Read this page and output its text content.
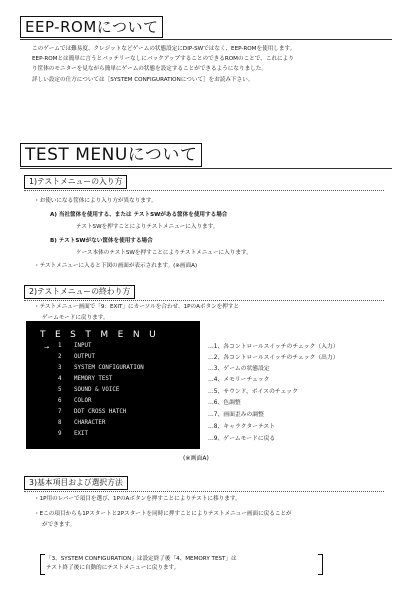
EEP-ROMについて
このゲームでは難易度、クレジットなどゲームの状態設定にDIP-SWではなく、EEP-ROMを使用します。
EEP-ROMとは簡単に言うとバッテリーなしにバックアップすることのできるROMのことで、これにより
り筐体のモニターを見ながら簡単にゲームの状態を設定することができるようになりました。
詳しい設定の仕方については［SYSTEM CONFIGURATIONについて］をお読み下さい。
TEST MENUについて
1)テストメニューの入り方
・お使いになる筐体により入り方が異なります。
A) 当社筐体を使用する、または テストSWがある筐体を使用する場合
テストSWを押すことによりテストメニューに入ります。
B) テストSWがない筐体を使用する場合
ケース本体のテストSWを押すことによりテストメニューに入ります。
・テストメニューに入ると下図の画面が表示されます。(※画面A)
2)テストメニューの終わり方
・テストメニュー画面で「9：EXIT」にカーソルを合わせ、1PのAボタンを押すと
ゲームモードに戻ります。
TESTMENU
→ 1 INPUT
2 OUTPUT
3 SYSTEM CONFIGURATION
4 MEMORY TEST
5 SOUND & VOICE
6 COLOR
7 DOT CROSS HATCH
8 CHARACTER
9 EXIT
…1、各コントロールスイッチのチェック（入力）
…2、各コントロールスイッチのチェック（出力）
…3、ゲームの状態設定
…4、メモリーチェック
…5、サウンド、ボイスのチェック
…6、色調整
…7、画面歪みの調整
…8、キャラクターテスト
…9、ゲームモードに戻る
(※画面A)
3)基本項目および選択方法
・1P用のレバーで項目を選び、1PのAボタンを押すことによりテストに移ります。
・Eこの項目からも1Pスタートと2Pスタートを同時に押すことによりテストメニュー画面に戻ることが
ができます。
「3、SYSTEM CONFIGURATION」は設定終了後「4、MEMORY TEST」は
テスト終了後に自動的にテストメニューに戻ります。
